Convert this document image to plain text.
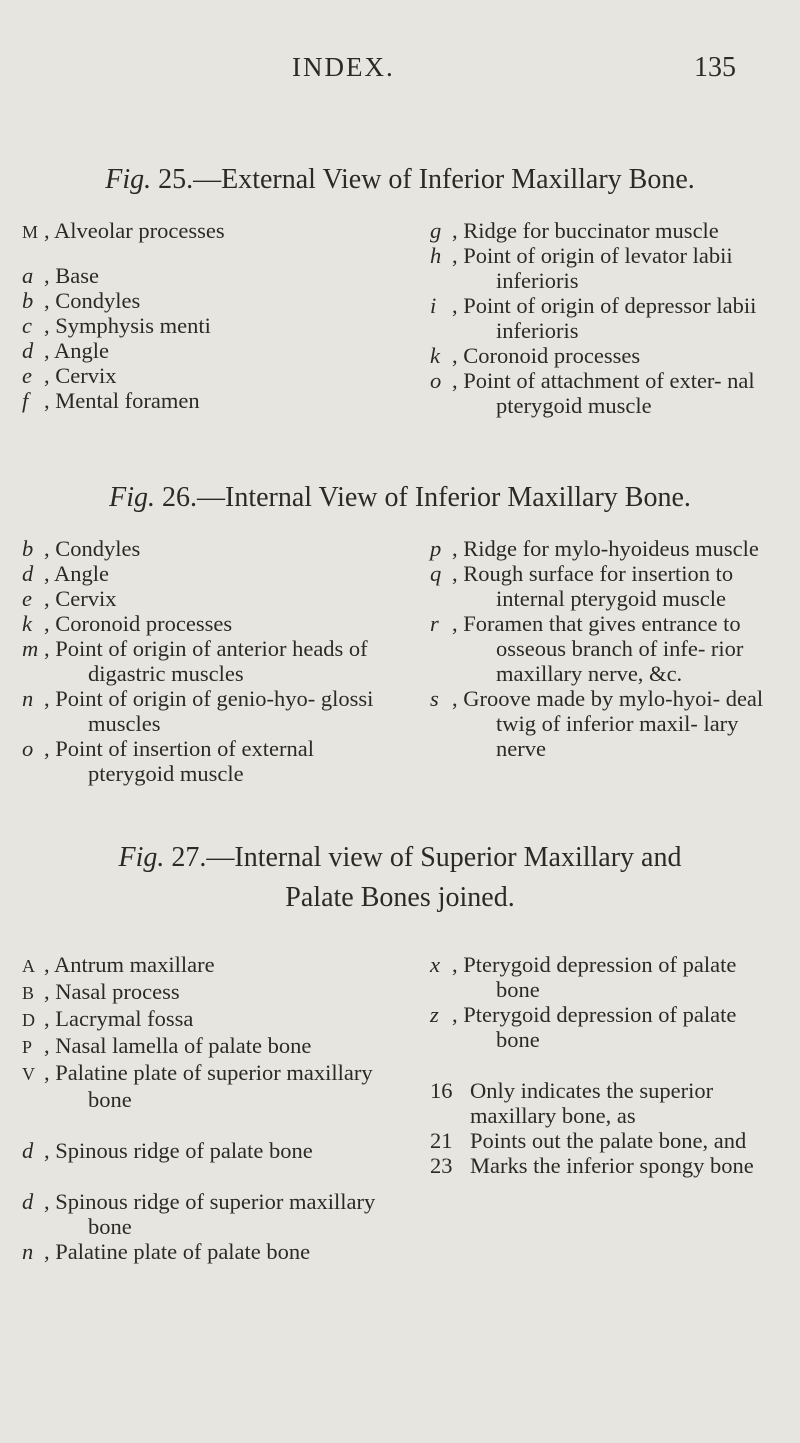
INDEX.	135
Fig. 25.—External View of Inferior Maxillary Bone.
M , Alveolar processes
a , Base
b , Condyles
c , Symphysis menti
d , Angle
e , Cervix
f , Mental foramen
g , Ridge for buccinator muscle
h , Point of origin of levator labii inferioris
i , Point of origin of depressor labii inferioris
k , Coronoid processes
o , Point of attachment of exter- nal pterygoid muscle
Fig. 26.—Internal View of Inferior Maxillary Bone.
b , Condyles
d , Angle
e , Cervix
k , Coronoid processes
m , Point of origin of anterior heads of digastric muscles
n , Point of origin of genio-hyo- glossi muscles
o , Point of insertion of external pterygoid muscle
p , Ridge for mylo-hyoideus muscle
q , Rough surface for insertion to internal pterygoid muscle
r , Foramen that gives entrance to osseous branch of infe- rior maxillary nerve, &c.
s , Groove made by mylo-hyoi- deal twig of inferior maxil- lary nerve
Fig. 27.—Internal view of Superior Maxillary and
Palate Bones joined.
A , Antrum maxillare
B , Nasal process
D , Lacrymal fossa
P , Nasal lamella of palate bone
V , Palatine plate of superior maxillary bone
d , Spinous ridge of palate bone
d , Spinous ridge of superior maxillary bone
n , Palatine plate of palate bone
x , Pterygoid depression of palate bone
z , Pterygoid depression of palate bone
16 Only indicates the superior maxillary bone, as
21 Points out the palate bone, and
23 Marks the inferior spongy bone
